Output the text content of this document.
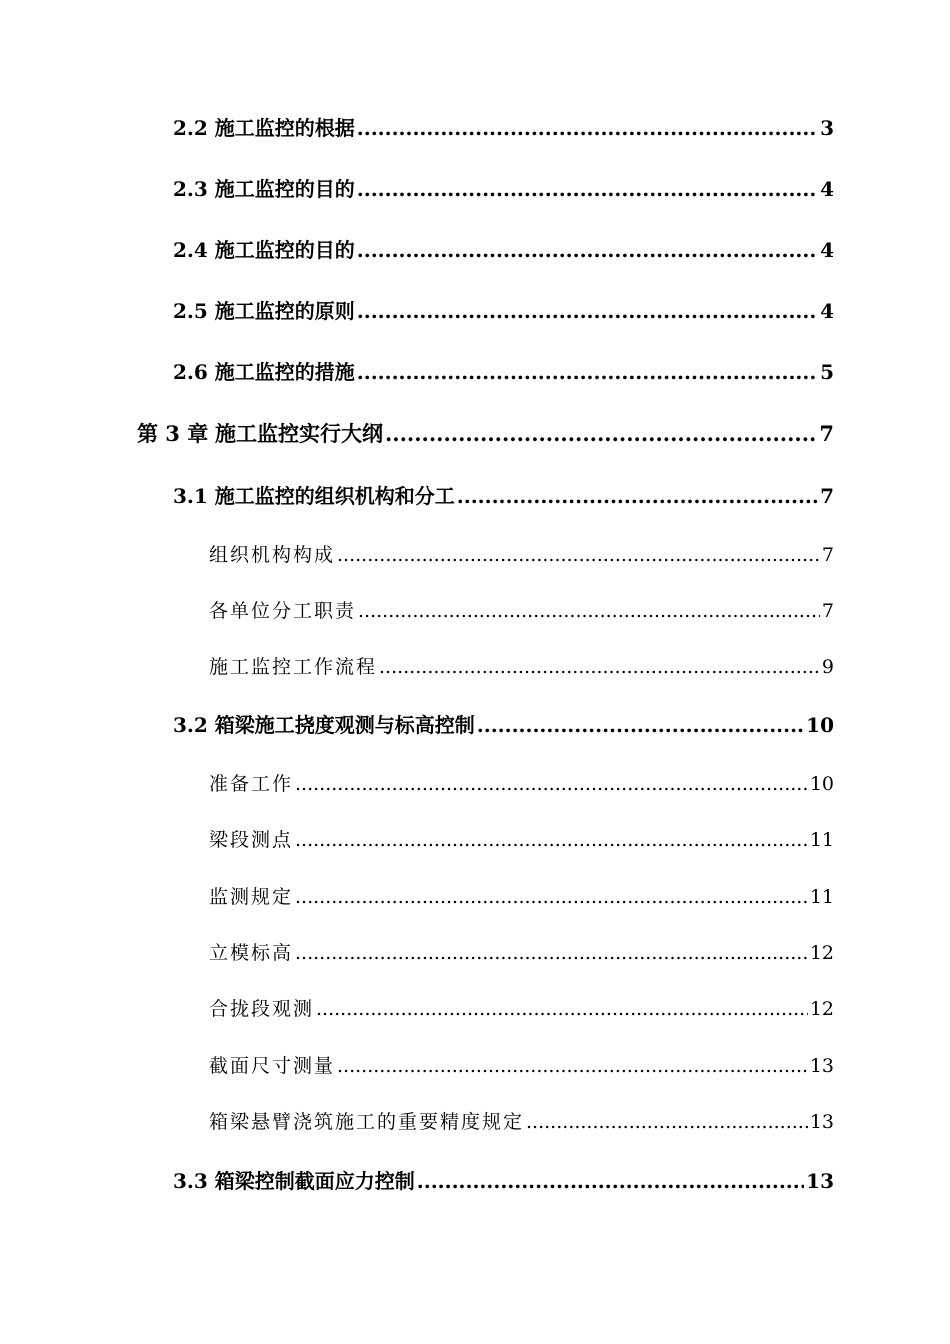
2.2 施工监控的根据 .....	3
2.3 施工监控的目的 .....	4
2.4 施工监控的目的 .....	4
2.5 施工监控的原则 .....	4
2.6 施工监控的措施 .....	5
第 3 章 施工监控实行大纲 .....	7
3.1 施工监控的组织机构和分工 .....	7
组织机构构成 .....	7
各单位分工职责 .....	7
施工监控工作流程 .....	9
3.2 箱梁施工挠度观测与标高控制 .....	10
准备工作 .....	10
梁段测点 .....	11
监测规定 .....	11
立模标高 .....	12
合拢段观测 .....	12
截面尺寸测量 .....	13
箱梁悬臂浇筑施工的重要精度规定 .....	13
3.3 箱梁控制截面应力控制 .....	13
